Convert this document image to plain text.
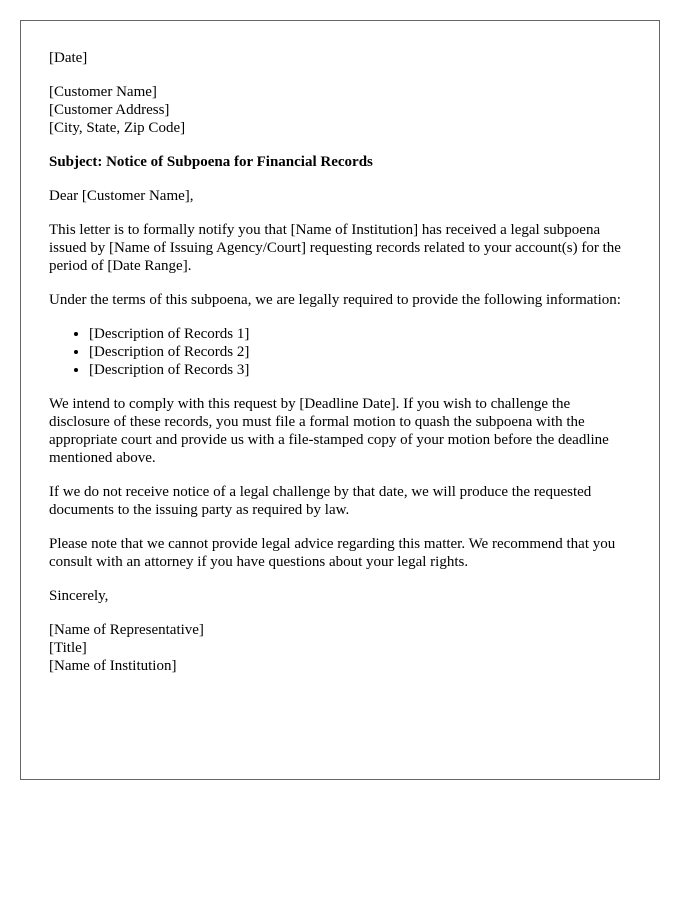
[Date]

[Customer Name]
[Customer Address]
[City, State, Zip Code]

Subject: Notice of Subpoena for Financial Records

Dear [Customer Name],

This letter is to formally notify you that [Name of Institution] has received a legal subpoena issued by [Name of Issuing Agency/Court] requesting records related to your account(s) for the period of [Date Range].

Under the terms of this subpoena, we are legally required to provide the following information:

• [Description of Records 1]
• [Description of Records 2]
• [Description of Records 3]

We intend to comply with this request by [Deadline Date]. If you wish to challenge the disclosure of these records, you must file a formal motion to quash the subpoena with the appropriate court and provide us with a file-stamped copy of your motion before the deadline mentioned above.

If we do not receive notice of a legal challenge by that date, we will produce the requested documents to the issuing party as required by law.

Please note that we cannot provide legal advice regarding this matter. We recommend that you consult with an attorney if you have questions about your legal rights.

Sincerely,

[Name of Representative]
[Title]
[Name of Institution]
